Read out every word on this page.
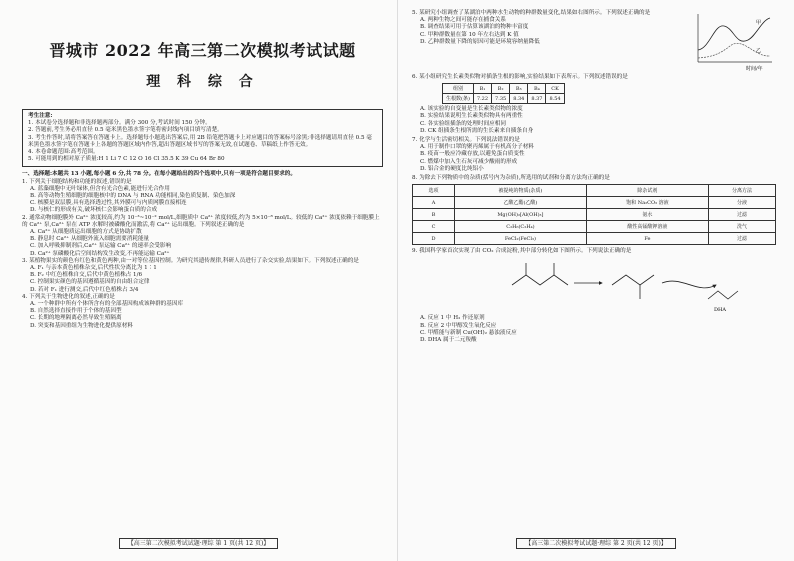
晋城市 2022 年高三第二次模拟考试试题
理 科 综 合

考生注意:

1. 本试卷分选择题和非选择题两部分。满分 300 分,考试时间 150 分钟。

2. 答题前,考生务必用直径 0.5 毫米黑色墨水签字笔将密封线内项目填写清楚。

3. 考生作答时,请将答案答在答题卡上。选择题每小题选出答案后,用 2B 铅笔把答题卡上对应题目的答案标号涂黑;非选择题请用直径 0.5 毫米黑色墨水签字笔在答题卡上各题的答题区域内作答,超出答题区域书写的答案无效,在试题卷、草稿纸上作答无效。

4. 本卷命题范围:高考范围。

5. 可能用到的相对原子质量:H 1 Li 7 C 12 O 16 Cl 35.5 K 39 Cu 64 Br 80

一、选择题:本题共 13 小题,每小题 6 分,共 78 分。在每小题给出的四个选项中,只有一项是符合题目要求的。

1. 下列关于细胞结构和功能的叙述,错误的是

A. 蓝藻细胞中无叶绿体,但含有光合色素,能进行光合作用

B. 高等动物生殖细胞的细胞核中的 DNA 与 RNA 功能相同,染色质复制、染色加深

C. 核膜是双层膜,具有选择透过性,其外膜可与内质网膜直接相连

D. 与核仁的形成有关,破坏核仁会影响蛋白质的合成

2. 通常动物细胞膜外 Ca²⁺ 浓度较高,约为 10⁻³~10⁻² mol/L,细胞质中 Ca²⁺ 浓度较低,约为 5×10⁻⁸ mol/L。较低的 Ca²⁺ 浓度依赖于细胞膜上的 Ca²⁺ 泵,Ca²⁺ 泵在 ATP 水解时被磷酸化而激活,将 Ca²⁺ 运出细胞。下列叙述正确的是

A. Ca²⁺ 从细胞质运出细胞的方式是协助扩散

B. 静息时 Ca²⁺ 从细胞外流入细胞需要消耗能量

C. 加入呼吸抑制剂后,Ca²⁺ 泵运输 Ca²⁺ 的速率会受影响

D. Ca²⁺ 泵磷酸化后空间结构发生改变,不再能运输 Ca²⁺

3. 某植物果实的颜色有红色和黄色两种,由一对等位基因控制。为研究其遗传规律,科研人员进行了杂交实验,结果如下。下列叙述正确的是

A. F₁ 与亲本黄色植株杂交,后代性状分离比为 1∶1

B. F₂ 中红色植株自交,后代中黄色植株占 1/6

C. 控制果实颜色的基因遵循基因的自由组合定律

D. 若对 F₁ 进行测交,后代中红色植株占 3/4

4. 下列关于生物进化的叙述,正确的是

A. 一个种群中所有个体所含有的全部基因构成该种群的基因库

B. 自然选择直接作用于个体的基因型

C. 长期的地理隔离必然导致生殖隔离

D. 突变和基因重组为生物进化提供原材料

【高三第二次模拟考试试题·理综 第 1 页(共 12 页)】

5. 某研究小组调查了某湖泊中两种水生动物的种群数量变化,结果如右图所示。下列叙述正确的是

A. 两种生物之间可能存在捕食关系

B. 调查结果可用于估算该湖泊的物种丰富度

C. 甲种群数量在第 10 年左右达到 K 值

D. 乙种群数量下降的原因可能是环境容纳量降低

甲
乙
时间/年

6. 某小组研究生长素类似物对插条生根的影响,实验结果如下表所示。下列叙述错误的是

组别	B₁	B₂	B₃	B₄	CK
生根数(条)	7.22	7.35	8.34	8.37	8.54

A. 该实验的自变量是生长素类似物的浓度

B. 实验结果说明生长素类似物具有两重性

C. 各实验组插条的处理时间应相同

D. CK 组插条生根所需的生长素来自插条自身

7. 化学与生活密切相关。下列说法错误的是

A. 用于制作口罩的聚丙烯属于有机高分子材料

B. 疫苗一般应冷藏存放,以避免蛋白质变性

C. 燃煤中加入生石灰可减少酸雨的形成

D. 铝合金的硬度比纯铝小

8. 为除去下列物质中的杂质(括号内为杂质),所选用的试剂和分离方法均正确的是

选项	被提纯的物质(杂质)	除杂试剂	分离方法
A	乙酸乙酯(乙酸)	饱和 Na₂CO₃ 溶液	分液
B	Mg(OH)₂[Al(OH)₃]	氨水	过滤
C	C₂H₆(C₂H₄)	酸性高锰酸钾溶液	洗气
D	FeCl₂(FeCl₃)	Fe	过滤

9. 我国科学家首次实现了由 CO₂ 合成淀粉,其中部分转化如下图所示。下列说法正确的是

DHA

A. 反应 1 中 H₂ 作还原剂

B. 反应 2 中甲醇发生氧化反应

C. 甲醛能与新制 Cu(OH)₂ 悬浊液反应

D. DHA 属于二元羧酸

【高三第二次模拟考试试题·理综 第 2 页(共 12 页)】
